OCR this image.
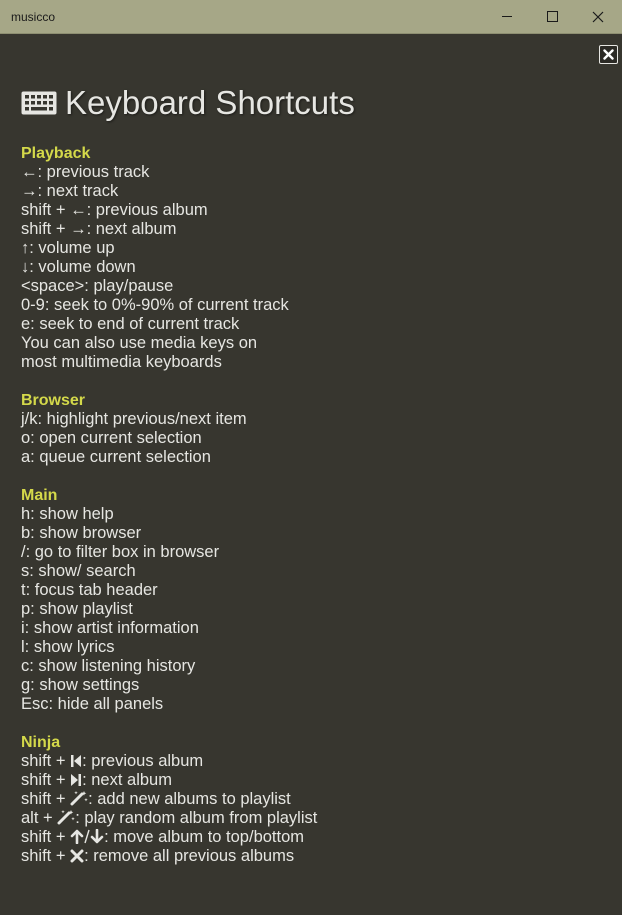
musicco
Keyboard Shortcuts
Playback
←: previous track
→: next track
shift + ←: previous album
shift + →: next album
↑: volume up
↓: volume down
<space>: play/pause
0-9: seek to 0%-90% of current track
e: seek to end of current track
You can also use media keys on
most multimedia keyboards
Browser
j/k: highlight previous/next item
o: open current selection
a: queue current selection
Main
h: show help
b: show browser
/: go to filter box in browser
s: show/ search
t: focus tab header
p: show playlist
i: show artist information
l: show lyrics
c: show listening history
g: show settings
Esc: hide all panels
Ninja
shift + : previous album
shift + : next album
shift + : add new albums to playlist
alt + : play random album from playlist
shift + : move album to top/bottom
shift + : remove all previous albums
